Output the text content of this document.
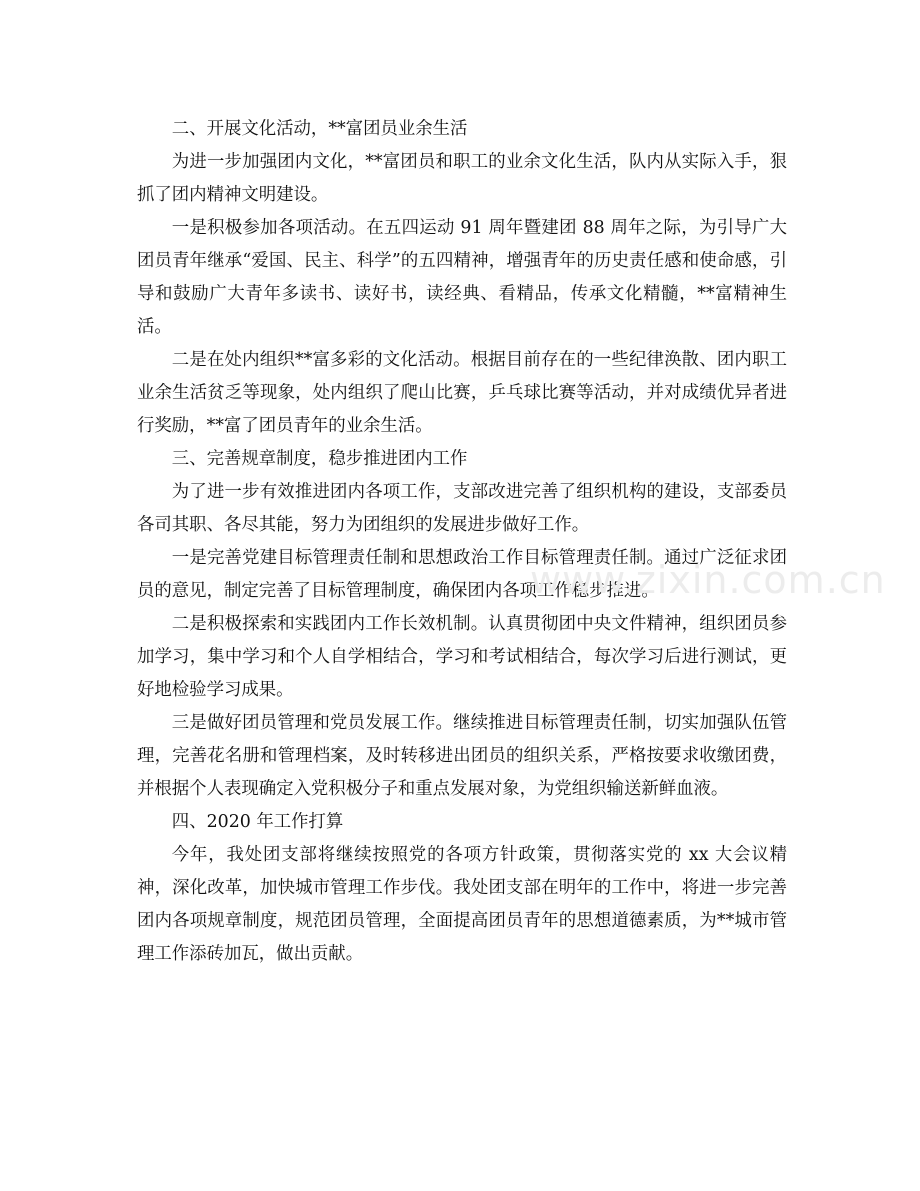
二、开展文化活动，**富团员业余生活

为进一步加强团内文化，**富团员和职工的业余文化生活，队内从实际入手，狠抓了团内精神文明建设。

一是积极参加各项活动。在五四运动 91 周年暨建团 88 周年之际，为引导广大团员青年继承“爱国、民主、科学”的五四精神，增强青年的历史责任感和使命感，引导和鼓励广大青年多读书、读好书，读经典、看精品，传承文化精髓，**富精神生活。

二是在处内组织**富多彩的文化活动。根据目前存在的一些纪律涣散、团内职工业余生活贫乏等现象，处内组织了爬山比赛，乒乓球比赛等活动，并对成绩优异者进行奖励，**富了团员青年的业余生活。

三、完善规章制度，稳步推进团内工作

为了进一步有效推进团内各项工作，支部改进完善了组织机构的建设，支部委员各司其职、各尽其能，努力为团组织的发展进步做好工作。

一是完善党建目标管理责任制和思想政治工作目标管理责任制。通过广泛征求团员的意见，制定完善了目标管理制度，确保团内各项工作稳步推进。

二是积极探索和实践团内工作长效机制。认真贯彻团中央文件精神，组织团员参加学习，集中学习和个人自学相结合，学习和考试相结合，每次学习后进行测试，更好地检验学习成果。

三是做好团员管理和党员发展工作。继续推进目标管理责任制，切实加强队伍管理，完善花名册和管理档案，及时转移进出团员的组织关系，严格按要求收缴团费，并根据个人表现确定入党积极分子和重点发展对象，为党组织输送新鲜血液。

四、2020 年工作打算

今年，我处团支部将继续按照党的各项方针政策，贯彻落实党的 xx 大会议精神，深化改革，加快城市管理工作步伐。我处团支部在明年的工作中，将进一步完善团内各项规章制度，规范团员管理，全面提高团员青年的思想道德素质，为**城市管理工作添砖加瓦，做出贡献。

www.zixin.com.cn
